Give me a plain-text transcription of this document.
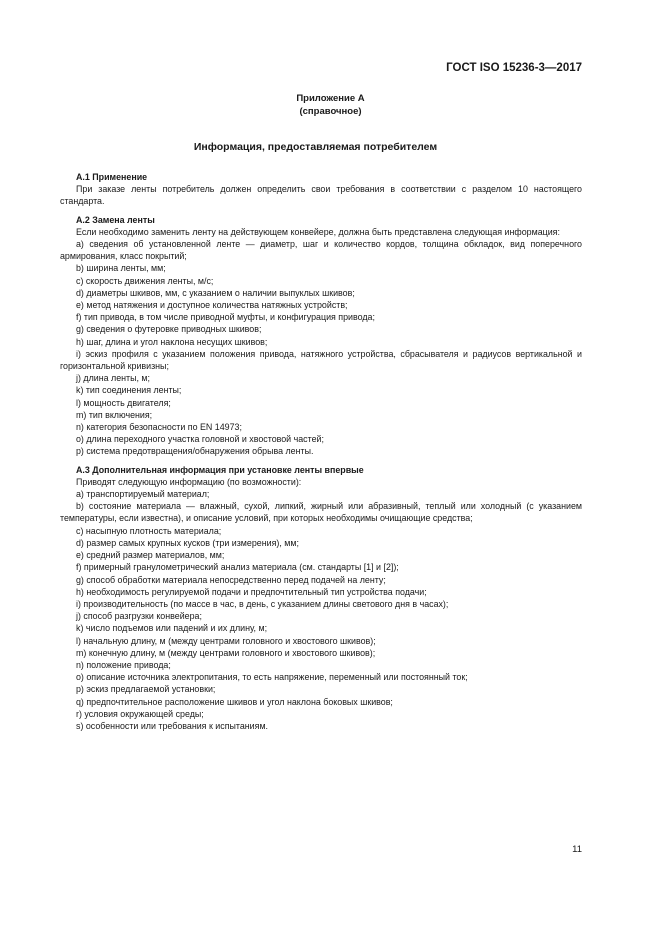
ГОСТ ISO 15236-3—2017
Приложение А
(справочное)
Информация, предоставляемая потребителем
А.1 Применение
При заказе ленты потребитель должен определить свои требования в соответствии с разделом 10 настоящего стандарта.
А.2 Замена ленты
Если необходимо заменить ленту на действующем конвейере, должна быть представлена следующая информация:
а) сведения об установленной ленте — диаметр, шаг и количество кордов, толщина обкладок, вид поперечного армирования, класс покрытий;
b) ширина ленты, мм;
c) скорость движения ленты, м/с;
d) диаметры шкивов, мм, с указанием о наличии выпуклых шкивов;
e) метод натяжения и доступное количества натяжных устройств;
f) тип привода, в том числе приводной муфты, и конфигурация привода;
g) сведения о футеровке приводных шкивов;
h) шаг, длина и угол наклона несущих шкивов;
i) эскиз профиля с указанием положения привода, натяжного устройства, сбрасывателя и радиусов вертикальной и горизонтальной кривизны;
j) длина ленты, м;
k) тип соединения ленты;
l) мощность двигателя;
m) тип включения;
n) категория безопасности по EN 14973;
o) длина переходного участка головной и хвостовой частей;
p) система предотвращения/обнаружения обрыва ленты.
А.3 Дополнительная информация при установке ленты впервые
Приводят следующую информацию (по возможности):
а) транспортируемый материал;
b) состояние материала — влажный, сухой, липкий, жирный или абразивный, теплый или холодный (с указанием температуры, если известна), и описание условий, при которых необходимы очищающие средства;
c) насыпную плотность материала;
d) размер самых крупных кусков (три измерения), мм;
e) средний размер материалов, мм;
f) примерный гранулометрический анализ материала (см. стандарты [1] и [2]);
g) способ обработки материала непосредственно перед подачей на ленту;
h) необходимость регулируемой подачи и предпочтительный тип устройства подачи;
i) производительность (по массе в час, в день, с указанием длины светового дня в часах);
j) способ разгрузки конвейера;
k) число подъемов или падений и их длину, м;
l) начальную длину, м (между центрами головного и хвостового шкивов);
m) конечную длину, м (между центрами головного и хвостового шкивов);
n) положение привода;
o) описание источника электропитания, то есть напряжение, переменный или постоянный ток;
p) эскиз предлагаемой установки;
q) предпочтительное расположение шкивов и угол наклона боковых шкивов;
r) условия окружающей среды;
s) особенности или требования к испытаниям.
11
